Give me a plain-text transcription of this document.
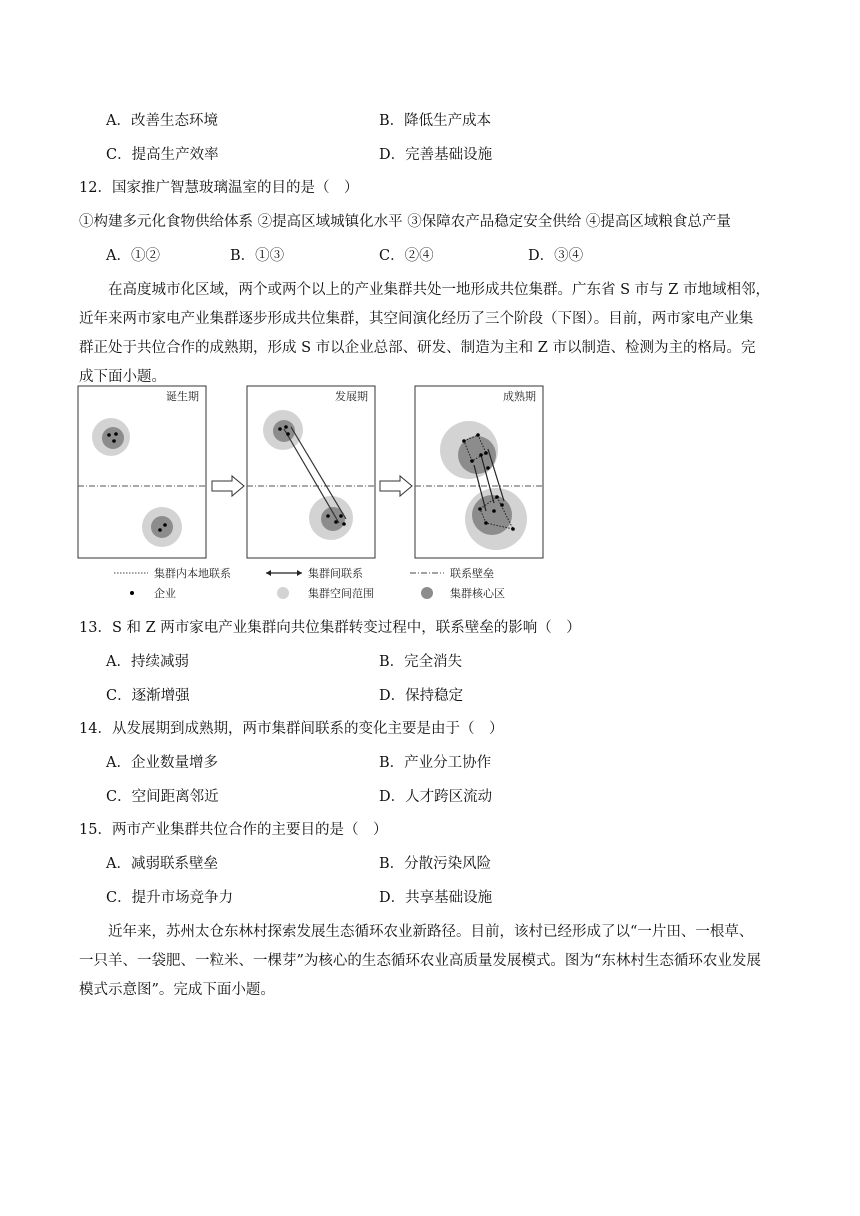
A．改善生态环境	B．降低生产成本
C．提高生产效率	D．完善基础设施
12．国家推广智慧玻璃温室的目的是（　）
①构建多元化食物供给体系 ②提高区域城镇化水平 ③保障农产品稳定安全供给 ④提高区域粮食总产量
A．①②	B．①③	C．②④	D．③④
在高度城市化区域，两个或两个以上的产业集群共处一地形成共位集群。广东省 S 市与 Z 市地域相邻，
近年来两市家电产业集群逐步形成共位集群，其空间演化经历了三个阶段（下图）。目前，两市家电产业集
群正处于共位合作的成熟期，形成 S 市以企业总部、研发、制造为主和 Z 市以制造、检测为主的格局。完
成下面小题。
诞生期	发展期	成熟期
集群内本地联系	集群间联系	联系壁垒
企业	集群空间范围	集群核心区
13．S 和 Z 两市家电产业集群向共位集群转变过程中，联系壁垒的影响（　）
A．持续减弱	B．完全消失
C．逐渐增强	D．保持稳定
14．从发展期到成熟期，两市集群间联系的变化主要是由于（　）
A．企业数量增多	B．产业分工协作
C．空间距离邻近	D．人才跨区流动
15．两市产业集群共位合作的主要目的是（　）
A．减弱联系壁垒	B．分散污染风险
C．提升市场竞争力	D．共享基础设施
近年来，苏州太仓东林村探索发展生态循环农业新路径。目前，该村已经形成了以“一片田、一根草、
一只羊、一袋肥、一粒米、一棵芽”为核心的生态循环农业高质量发展模式。图为“东林村生态循环农业发展
模式示意图”。完成下面小题。
